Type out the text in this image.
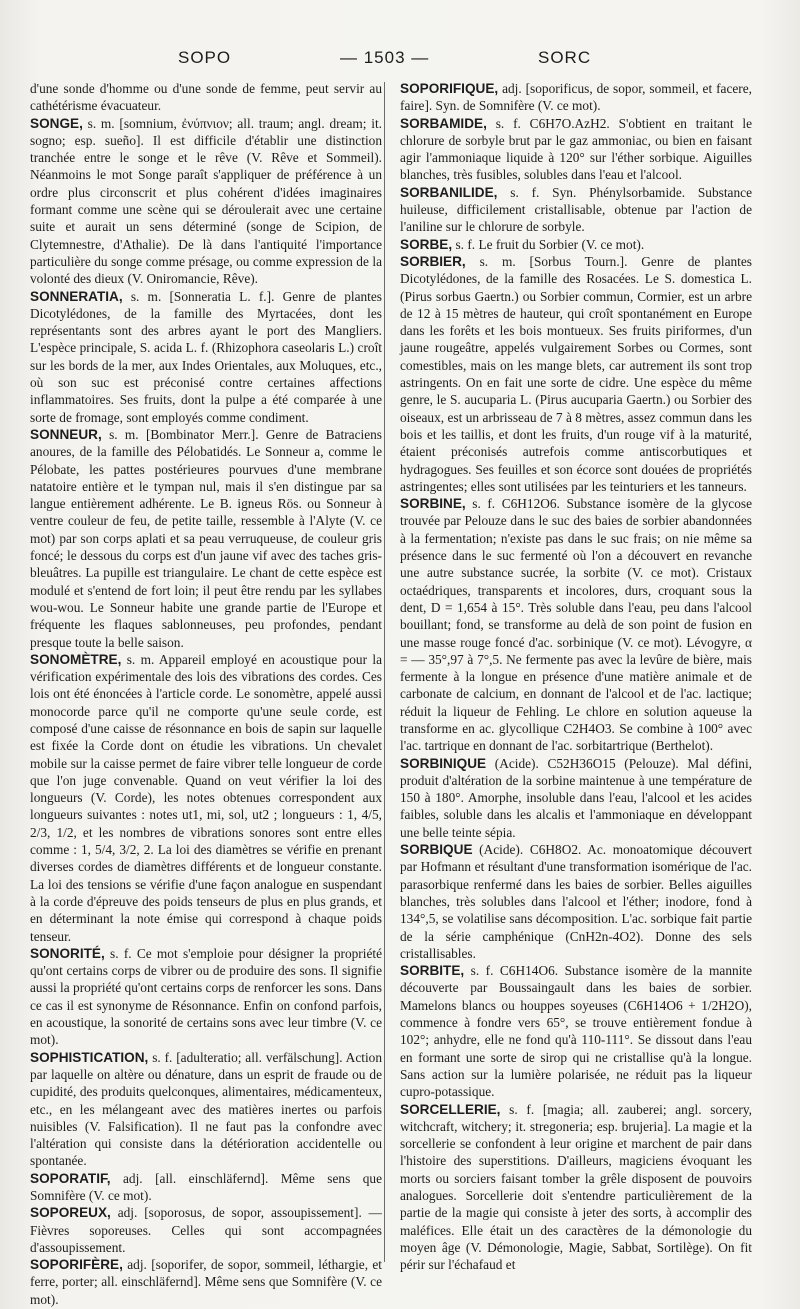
SOPO	— 1503 —	SORC
d'une sonde d'homme ou d'une sonde de femme, peut servir au cathétérisme évacuateur.
SONGE, s. m. [somnium, ἐνύπνιον; all. traum; angl. dream; it. sogno; esp. sueño]. Il est difficile d'établir une distinction tranchée entre le songe et le rêve (V. Rêve et Sommeil). Néanmoins le mot Songe paraît s'appliquer de préférence à un ordre plus circonscrit et plus cohérent d'idées imaginaires formant comme une scène qui se déroulerait avec une certaine suite et aurait un sens déterminé (songe de Scipion, de Clytemnestre, d'Athalie). De là dans l'antiquité l'importance particulière du songe comme présage, ou comme expression de la volonté des dieux (V. Oniromancie, Rêve).
SONNERATIA, s. m. [Sonneratia L. f.]. Genre de plantes Dicotylédones, de la famille des Myrtacées, dont les représentants sont des arbres ayant le port des Mangliers. L'espèce principale, S. acida L. f. (Rhizophora caseolaris L.) croît sur les bords de la mer, aux Indes Orientales, aux Moluques, etc., où son suc est préconisé contre certaines affections inflammatoires. Ses fruits, dont la pulpe a été comparée à une sorte de fromage, sont employés comme condiment.
SONNEUR, s. m. [Bombinator Merr.]. Genre de Batraciens anoures, de la famille des Pélobatidés. Le Sonneur a, comme le Pélobate, les pattes postérieures pourvues d'une membrane natatoire entière et le tympan nul, mais il s'en distingue par sa langue entièrement adhérente. Le B. igneus Rös. ou Sonneur à ventre couleur de feu, de petite taille, ressemble à l'Alyte (V. ce mot) par son corps aplati et sa peau verruqueuse, de couleur gris foncé; le dessous du corps est d'un jaune vif avec des taches gris-bleuâtres. La pupille est triangulaire. Le chant de cette espèce est modulé et s'entend de fort loin; il peut être rendu par les syllabes wou-wou. Le Sonneur habite une grande partie de l'Europe et fréquente les flaques sablonneuses, peu profondes, pendant presque toute la belle saison.
SONOMÈTRE, s. m. Appareil employé en acoustique pour la vérification expérimentale des lois des vibrations des cordes. Ces lois ont été énoncées à l'article corde. Le sonomètre, appelé aussi monocorde parce qu'il ne comporte qu'une seule corde, est composé d'une caisse de résonnance en bois de sapin sur laquelle est fixée la Corde dont on étudie les vibrations. Un chevalet mobile sur la caisse permet de faire vibrer telle longueur de corde que l'on juge convenable. Quand on veut vérifier la loi des longueurs (V. Corde), les notes obtenues correspondent aux longueurs suivantes : notes ut1, mi, sol, ut2 ; longueurs : 1, 4/5, 2/3, 1/2, et les nombres de vibrations sonores sont entre elles comme : 1, 5/4, 3/2, 2. La loi des diamètres se vérifie en prenant diverses cordes de diamètres différents et de longueur constante. La loi des tensions se vérifie d'une façon analogue en suspendant à la corde d'épreuve des poids tenseurs de plus en plus grands, et en déterminant la note émise qui correspond à chaque poids tenseur.
SONORITÉ, s. f. Ce mot s'emploie pour désigner la propriété qu'ont certains corps de vibrer ou de produire des sons. Il signifie aussi la propriété qu'ont certains corps de renforcer les sons. Dans ce cas il est synonyme de Résonnance. Enfin on confond parfois, en acoustique, la sonorité de certains sons avec leur timbre (V. ce mot).
SOPHISTICATION, s. f. [adulteratio; all. verfälschung]. Action par laquelle on altère ou dénature, dans un esprit de fraude ou de cupidité, des produits quelconques, alimentaires, médicamenteux, etc., en les mélangeant avec des matières inertes ou parfois nuisibles (V. Falsification). Il ne faut pas la confondre avec l'altération qui consiste dans la détérioration accidentelle ou spontanée.
SOPORATIF, adj. [all. einschläfernd]. Même sens que Somnifère (V. ce mot).
SOPOREUX, adj. [soporosus, de sopor, assoupissement]. — Fièvres soporeuses. Celles qui sont accompagnées d'assoupissement.
SOPORIFÈRE, adj. [soporifer, de sopor, sommeil, léthargie, et ferre, porter; all. einschläfernd]. Même sens que Somnifère (V. ce mot).
SOPORIFIQUE, adj. [soporificus, de sopor, sommeil, et facere, faire]. Syn. de Somnifère (V. ce mot).
SORBAMIDE, s. f. C6H7O.AzH2. S'obtient en traitant le chlorure de sorbyle brut par le gaz ammoniac, ou bien en faisant agir l'ammoniaque liquide à 120° sur l'éther sorbique. Aiguilles blanches, très fusibles, solubles dans l'eau et l'alcool.
SORBANILIDE, s. f. Syn. Phénylsorbamide. Substance huileuse, difficilement cristallisable, obtenue par l'action de l'aniline sur le chlorure de sorbyle.
SORBE, s. f. Le fruit du Sorbier (V. ce mot).
SORBIER, s. m. [Sorbus Tourn.]. Genre de plantes Dicotylédones, de la famille des Rosacées. Le S. domestica L. (Pirus sorbus Gaertn.) ou Sorbier commun, Cormier, est un arbre de 12 à 15 mètres de hauteur, qui croît spontanément en Europe dans les forêts et les bois montueux. Ses fruits piriformes, d'un jaune rougeâtre, appelés vulgairement Sorbes ou Cormes, sont comestibles, mais on les mange blets, car autrement ils sont trop astringents. On en fait une sorte de cidre. Une espèce du même genre, le S. aucuparia L. (Pirus aucuparia Gaertn.) ou Sorbier des oiseaux, est un arbrisseau de 7 à 8 mètres, assez commun dans les bois et les taillis, et dont les fruits, d'un rouge vif à la maturité, étaient préconisés autrefois comme antiscorbutiques et hydragogues. Ses feuilles et son écorce sont douées de propriétés astringentes; elles sont utilisées par les teinturiers et les tanneurs.
SORBINE, s. f. C6H12O6. Substance isomère de la glycose trouvée par Pelouze dans le suc des baies de sorbier abandonnées à la fermentation; n'existe pas dans le suc frais; on nie même sa présence dans le suc fermenté où l'on a découvert en revanche une autre substance sucrée, la sorbite (V. ce mot). Cristaux octaédriques, transparents et incolores, durs, croquant sous la dent, D = 1,654 à 15°. Très soluble dans l'eau, peu dans l'alcool bouillant; fond, se transforme au delà de son point de fusion en une masse rouge foncé d'ac. sorbinique (V. ce mot). Lévogyre, α = — 35°,97 à 7°,5. Ne fermente pas avec la levûre de bière, mais fermente à la longue en présence d'une matière animale et de carbonate de calcium, en donnant de l'alcool et de l'ac. lactique; réduit la liqueur de Fehling. Le chlore en solution aqueuse la transforme en ac. glycollique C2H4O3. Se combine à 100° avec l'ac. tartrique en donnant de l'ac. sorbitartrique (Berthelot).
SORBINIQUE (Acide). C52H36O15 (Pelouze). Mal défini, produit d'altération de la sorbine maintenue à une température de 150 à 180°. Amorphe, insoluble dans l'eau, l'alcool et les acides faibles, soluble dans les alcalis et l'ammoniaque en développant une belle teinte sépia.
SORBIQUE (Acide). C6H8O2. Ac. monoatomique découvert par Hofmann et résultant d'une transformation isomérique de l'ac. parasorbique renfermé dans les baies de sorbier. Belles aiguilles blanches, très solubles dans l'alcool et l'éther; inodore, fond à 134°,5, se volatilise sans décomposition. L'ac. sorbique fait partie de la série camphénique (CnH2n-4O2). Donne des sels cristallisables.
SORBITE, s. f. C6H14O6. Substance isomère de la mannite découverte par Boussaingault dans les baies de sorbier. Mamelons blancs ou houppes soyeuses (C6H14O6 + 1/2H2O), commence à fondre vers 65°, se trouve entièrement fondue à 102°; anhydre, elle ne fond qu'à 110-111°. Se dissout dans l'eau en formant une sorte de sirop qui ne cristallise qu'à la longue. Sans action sur la lumière polarisée, ne réduit pas la liqueur cupro-potassique.
SORCELLERIE, s. f. [magia; all. zauberei; angl. sorcery, witchcraft, witchery; it. stregoneria; esp. brujeria]. La magie et la sorcellerie se confondent à leur origine et marchent de pair dans l'histoire des superstitions. D'ailleurs, magiciens évoquant les morts ou sorciers faisant tomber la grêle disposent de pouvoirs analogues. Sorcellerie doit s'entendre particulièrement de la partie de la magie qui consiste à jeter des sorts, à accomplir des maléfices. Elle était un des caractères de la démonologie du moyen âge (V. Démonologie, Magie, Sabbat, Sortilège). On fit périr sur l'échafaud et
